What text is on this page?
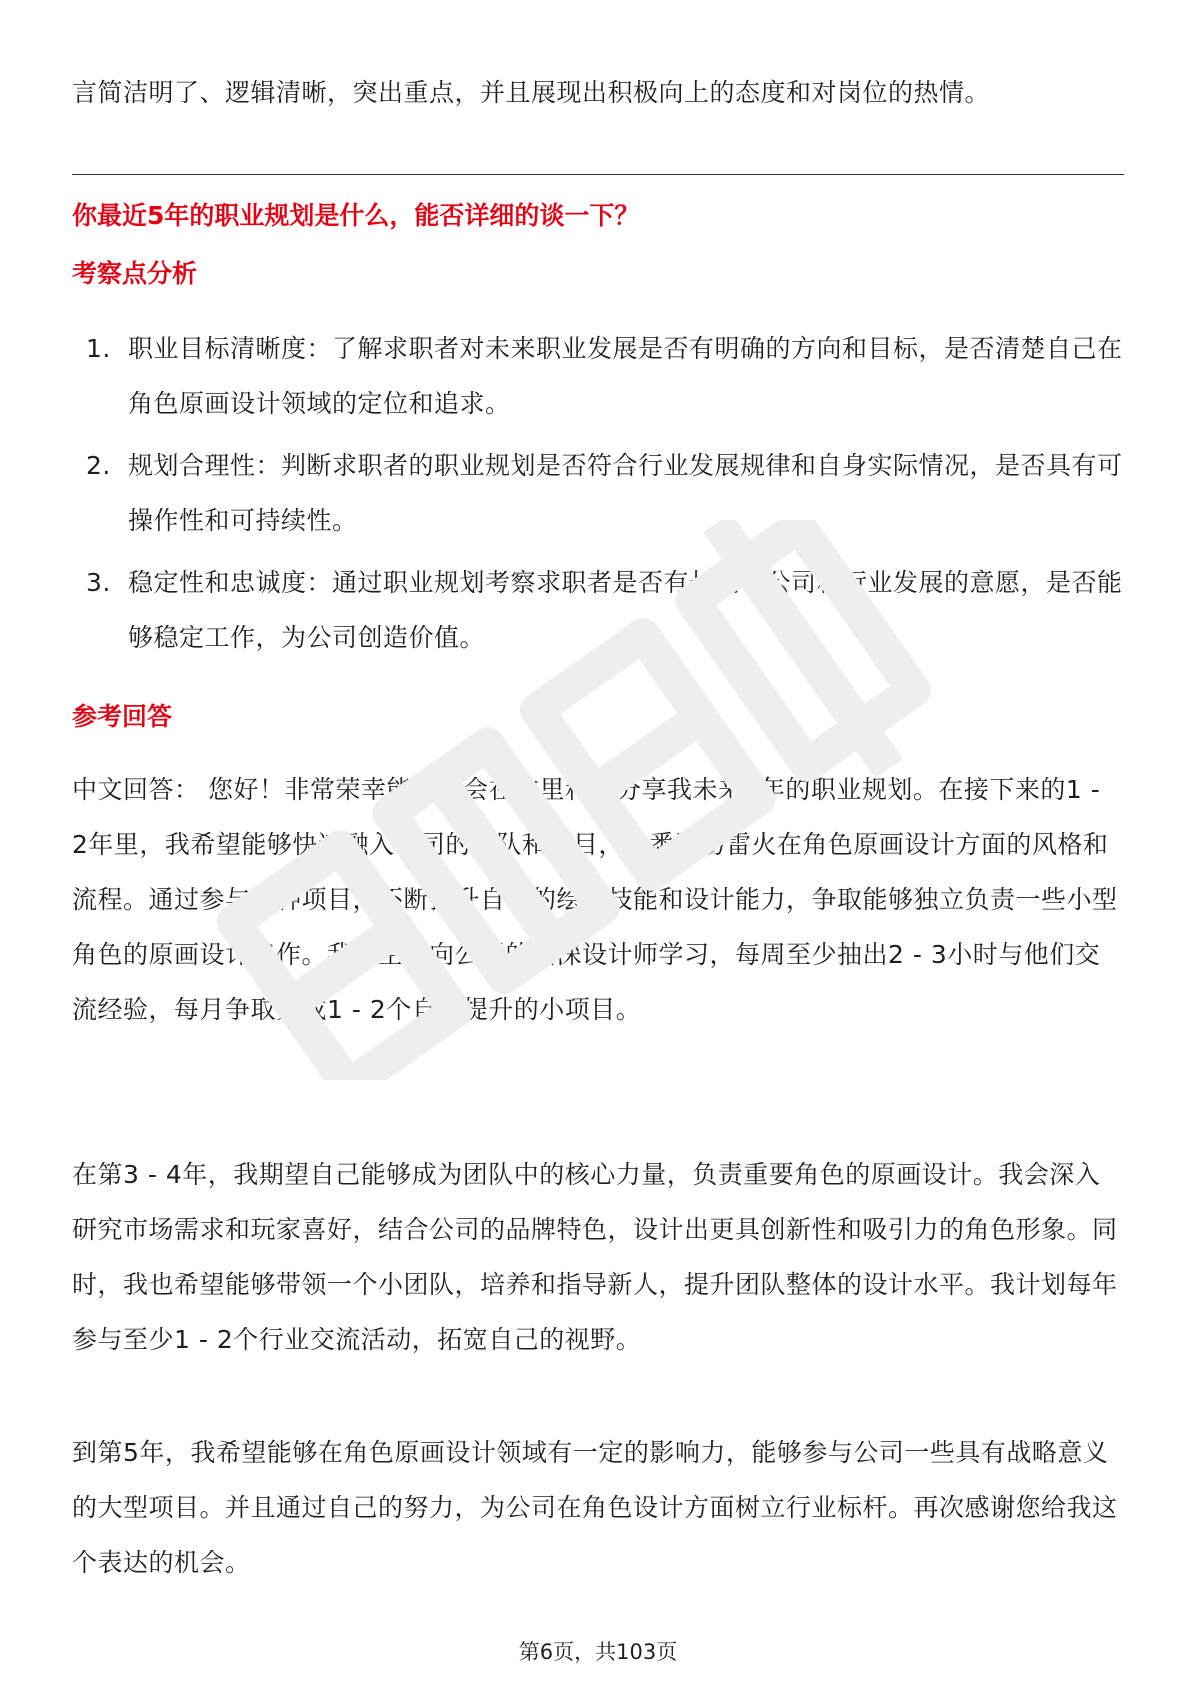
言简洁明了、逻辑清晰，突出重点，并且展现出积极向上的态度和对岗位的热情。

你最近5年的职业规划是什么，能否详细的谈一下？

考察点分析

1. 职业目标清晰度：了解求职者对未来职业发展是否有明确的方向和目标，是否清楚自己在角色原画设计领域的定位和追求。
2. 规划合理性：判断求职者的职业规划是否符合行业发展规律和自身实际情况，是否具有可操作性和可持续性。
3. 稳定性和忠诚度：通过职业规划考察求职者是否有长期在公司和行业发展的意愿，是否能够稳定工作，为公司创造价值。

参考回答

中文回答： 您好！非常荣幸能有机会在这里和您分享我未来5年的职业规划。在接下来的1 - 2年里，我希望能够快速融入公司的团队和项目，熟悉网易雷火在角色原画设计方面的风格和流程。通过参与各种项目，不断提升自己的绘画技能和设计能力，争取能够独立负责一些小型角色的原画设计工作。我会主动向公司的资深设计师学习，每周至少抽出2 - 3小时与他们交流经验，每月争取完成1 - 2个自我提升的小项目。

在第3 - 4年，我期望自己能够成为团队中的核心力量，负责重要角色的原画设计。我会深入研究市场需求和玩家喜好，结合公司的品牌特色，设计出更具创新性和吸引力的角色形象。同时，我也希望能够带领一个小团队，培养和指导新人，提升团队整体的设计水平。我计划每年参与至少1 - 2个行业交流活动，拓宽自己的视野。

到第5年，我希望能够在角色原画设计领域有一定的影响力，能够参与公司一些具有战略意义的大型项目。并且通过自己的努力，为公司在角色设计方面树立行业标杆。再次感谢您给我这个表达的机会。

第6页，共103页
